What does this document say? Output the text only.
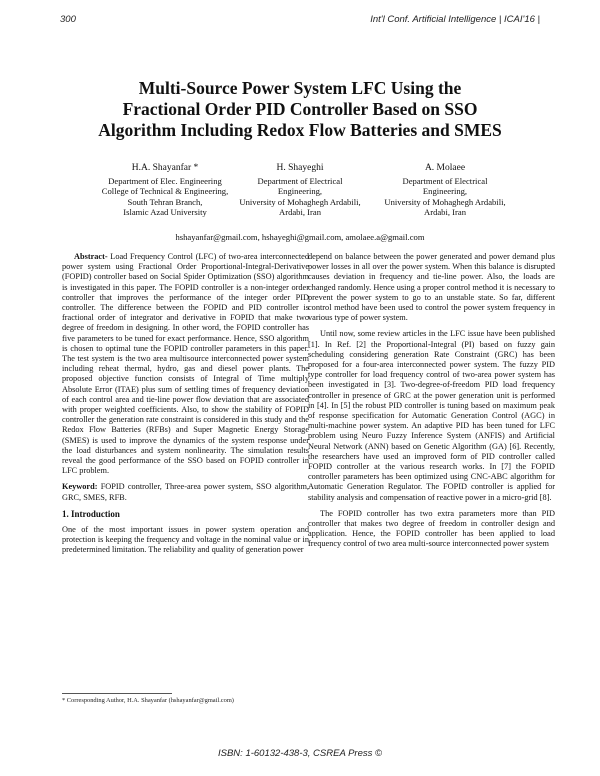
300	Int'l Conf. Artificial Intelligence | ICAI'16 |
Multi-Source Power System LFC Using the
Fractional Order PID Controller Based on SSO
Algorithm Including Redox Flow Batteries and SMES
H.A. Shayanfar *
Department of Elec. Engineering
College of Technical & Engineering,
South Tehran Branch,
Islamic Azad University
H. Shayeghi
Department of Electrical
Engineering,
University of Mohaghegh Ardabili,
Ardabi, Iran
A. Molaee
Department of Electrical
Engineering,
University of Mohaghegh Ardabili,
Ardabi, Iran
hshayanfar@gmail.com, hshayeghi@gmail.com, amolaee.a@gmail.com

Abstract- Load Frequency Control (LFC) of two-area interconnected power system using Fractional Order Proportional-Integral-Derivative (FOPID) controller based on Social Spider Optimization (SSO) algorithm is investigated in this paper. The FOPID controller is a non-integer order controller that improves the performance of the integer order PID controller. The difference between the FOPID and PID controller is fractional order of integrator and derivative in FOPID that make two degree of freedom in designing. In other word, the FOPID controller has five parameters to be tuned for exact performance. Hence, SSO algorithm is chosen to optimal tune the FOPID controller parameters in this paper. The test system is the two area multisource interconnected power system including reheat thermal, hydro, gas and diesel power plants. The proposed objective function consists of Integral of Time multiply Absolute Error (ITAE) plus sum of settling times of frequency deviation of each control area and tie-line power flow deviation that are associated with proper weighted coefficients. Also, to show the stability of FOPID controller the generation rate constraint is considered in this study and the Redox Flow Batteries (RFBs) and Super Magnetic Energy Storage (SMES) is used to improve the dynamics of the system response under the load disturbances and system nonlinearity. The simulation results reveal the good performance of the SSO based on FOPID controller in LFC problem.

Keyword: FOPID controller, Three-area power system, SSO algorithm, GRC, SMES, RFB.

1. Introduction

One of the most important issues in power system operation and protection is keeping the frequency and voltage in the nominal value or in predetermined limitation. The reliability and quality of generation power

depend on balance between the power generated and power demand plus power losses in all over the power system. When this balance is disrupted causes deviation in frequency and tie-line power. Also, the loads are changed randomly. Hence using a proper control method it is necessary to prevent the power system to go to an unstable state. So far, different control method have been used to control the power system frequency in various type of power system.

Until now, some review articles in the LFC issue have been published [1]. In Ref. [2] the Proportional-Integral (PI) based on fuzzy gain scheduling considering generation Rate Constraint (GRC) has been proposed for a four-area interconnected power system. The fuzzy PID type controller for load frequency control of two-area power system has been investigated in [3]. Two-degree-of-freedom PID load frequency controller in presence of GRC at the power generation unit is performed in [4]. In [5] the robust PID controller is tuning based on maximum peak of response specification for Automatic Generation Control (AGC) in multi-machine power system. An adaptive PID has been tuned for LFC problem using Neuro Fuzzy Inference System (ANFIS) and Artificial Neural Network (ANN) based on Genetic Algorithm (GA) [6]. Recently, the researchers have used an improved form of PID controller called FOPID controller at the various research works. In [7] the FOPID controller parameters has been optimized using CNC-ABC algorithm for Automatic Generation Regulator. The FOPID controller is applied for stability analysis and compensation of reactive power in a micro-grid [8].

The FOPID controller has two extra parameters more than PID controller that makes two degree of freedom in controller design and application. Hence, the FOPID controller has been applied to load frequency control of two area multi-source interconnected power system

* Corresponding Author, H.A. Shayanfar (hshayanfar@gmail.com)
ISBN: 1-60132-438-3, CSREA Press ©
